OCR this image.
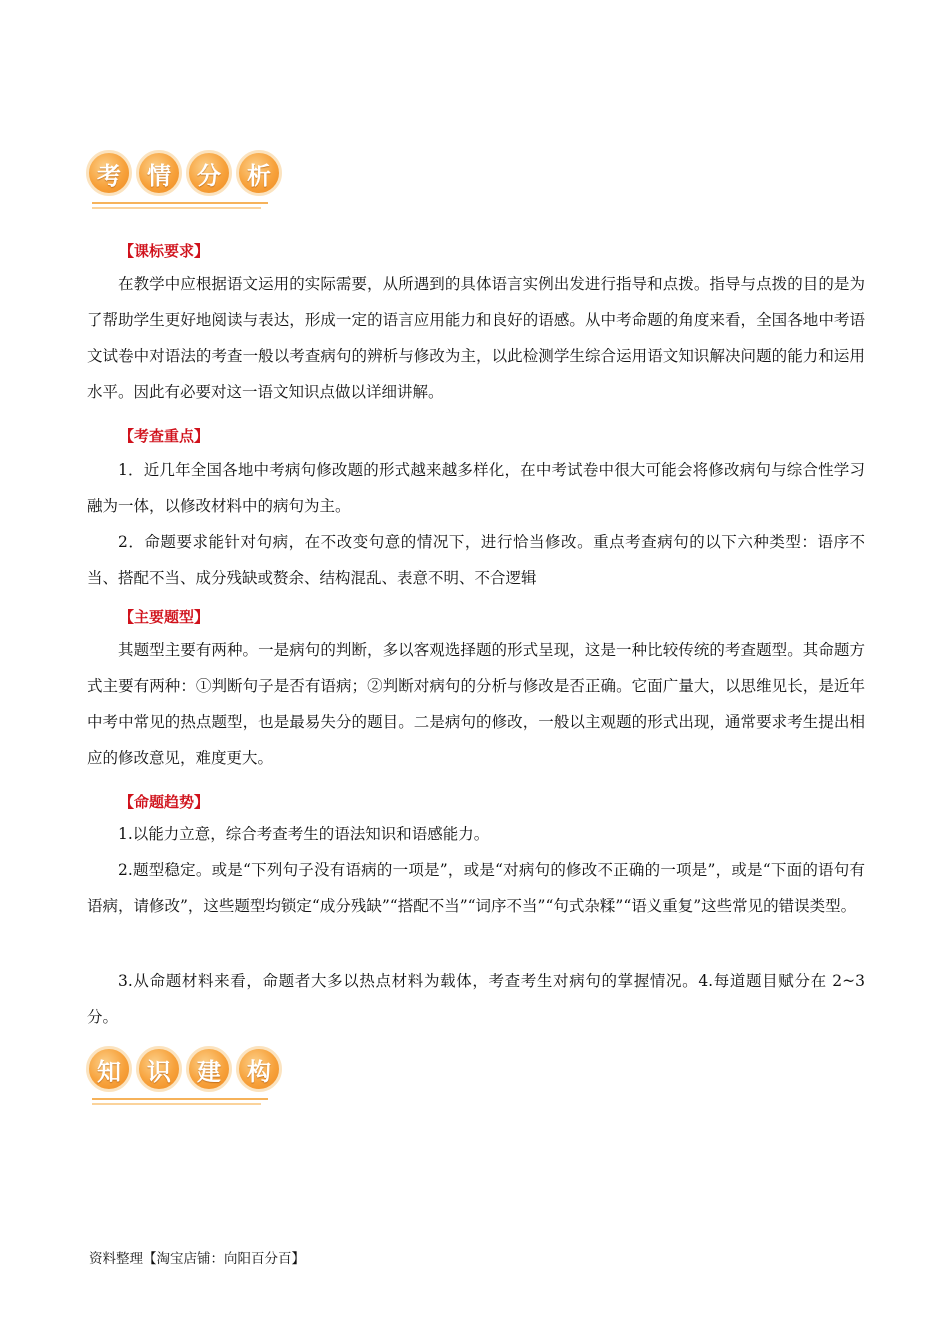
考	情	分	析
【课标要求】
在教学中应根据语文运用的实际需要，从所遇到的具体语言实例出发进行指导和点拨。指导与点拨的目的是为了帮助学生更好地阅读与表达，形成一定的语言应用能力和良好的语感。从中考命题的角度来看，全国各地中考语文试卷中对语法的考查一般以考查病句的辨析与修改为主，以此检测学生综合运用语文知识解决问题的能力和运用水平。因此有必要对这一语文知识点做以详细讲解。
【考查重点】
1．近几年全国各地中考病句修改题的形式越来越多样化，在中考试卷中很大可能会将修改病句与综合性学习融为一体，以修改材料中的病句为主。
2．命题要求能针对句病，在不改变句意的情况下，进行恰当修改。重点考查病句的以下六种类型：语序不当、搭配不当、成分残缺或赘余、结构混乱、表意不明、不合逻辑
【主要题型】
其题型主要有两种。一是病句的判断，多以客观选择题的形式呈现，这是一种比较传统的考查题型。其命题方式主要有两种：①判断句子是否有语病；②判断对病句的分析与修改是否正确。它面广量大，以思维见长，是近年中考中常见的热点题型，也是最易失分的题目。二是病句的修改，一般以主观题的形式出现，通常要求考生提出相应的修改意见，难度更大。
【命题趋势】
1.以能力立意，综合考查考生的语法知识和语感能力。
2.题型稳定。或是“下列句子没有语病的一项是”，或是“对病句的修改不正确的一项是”，或是“下面的语句有语病，请修改”，这些题型均锁定“成分残缺”“搭配不当”“词序不当”“句式杂糅”“语义重复”这些常见的错误类型。
3.从命题材料来看，命题者大多以热点材料为载体，考查考生对病句的掌握情况。4.每道题目赋分在 2~3 分。
知	识	建	构
资料整理【淘宝店铺：向阳百分百】
